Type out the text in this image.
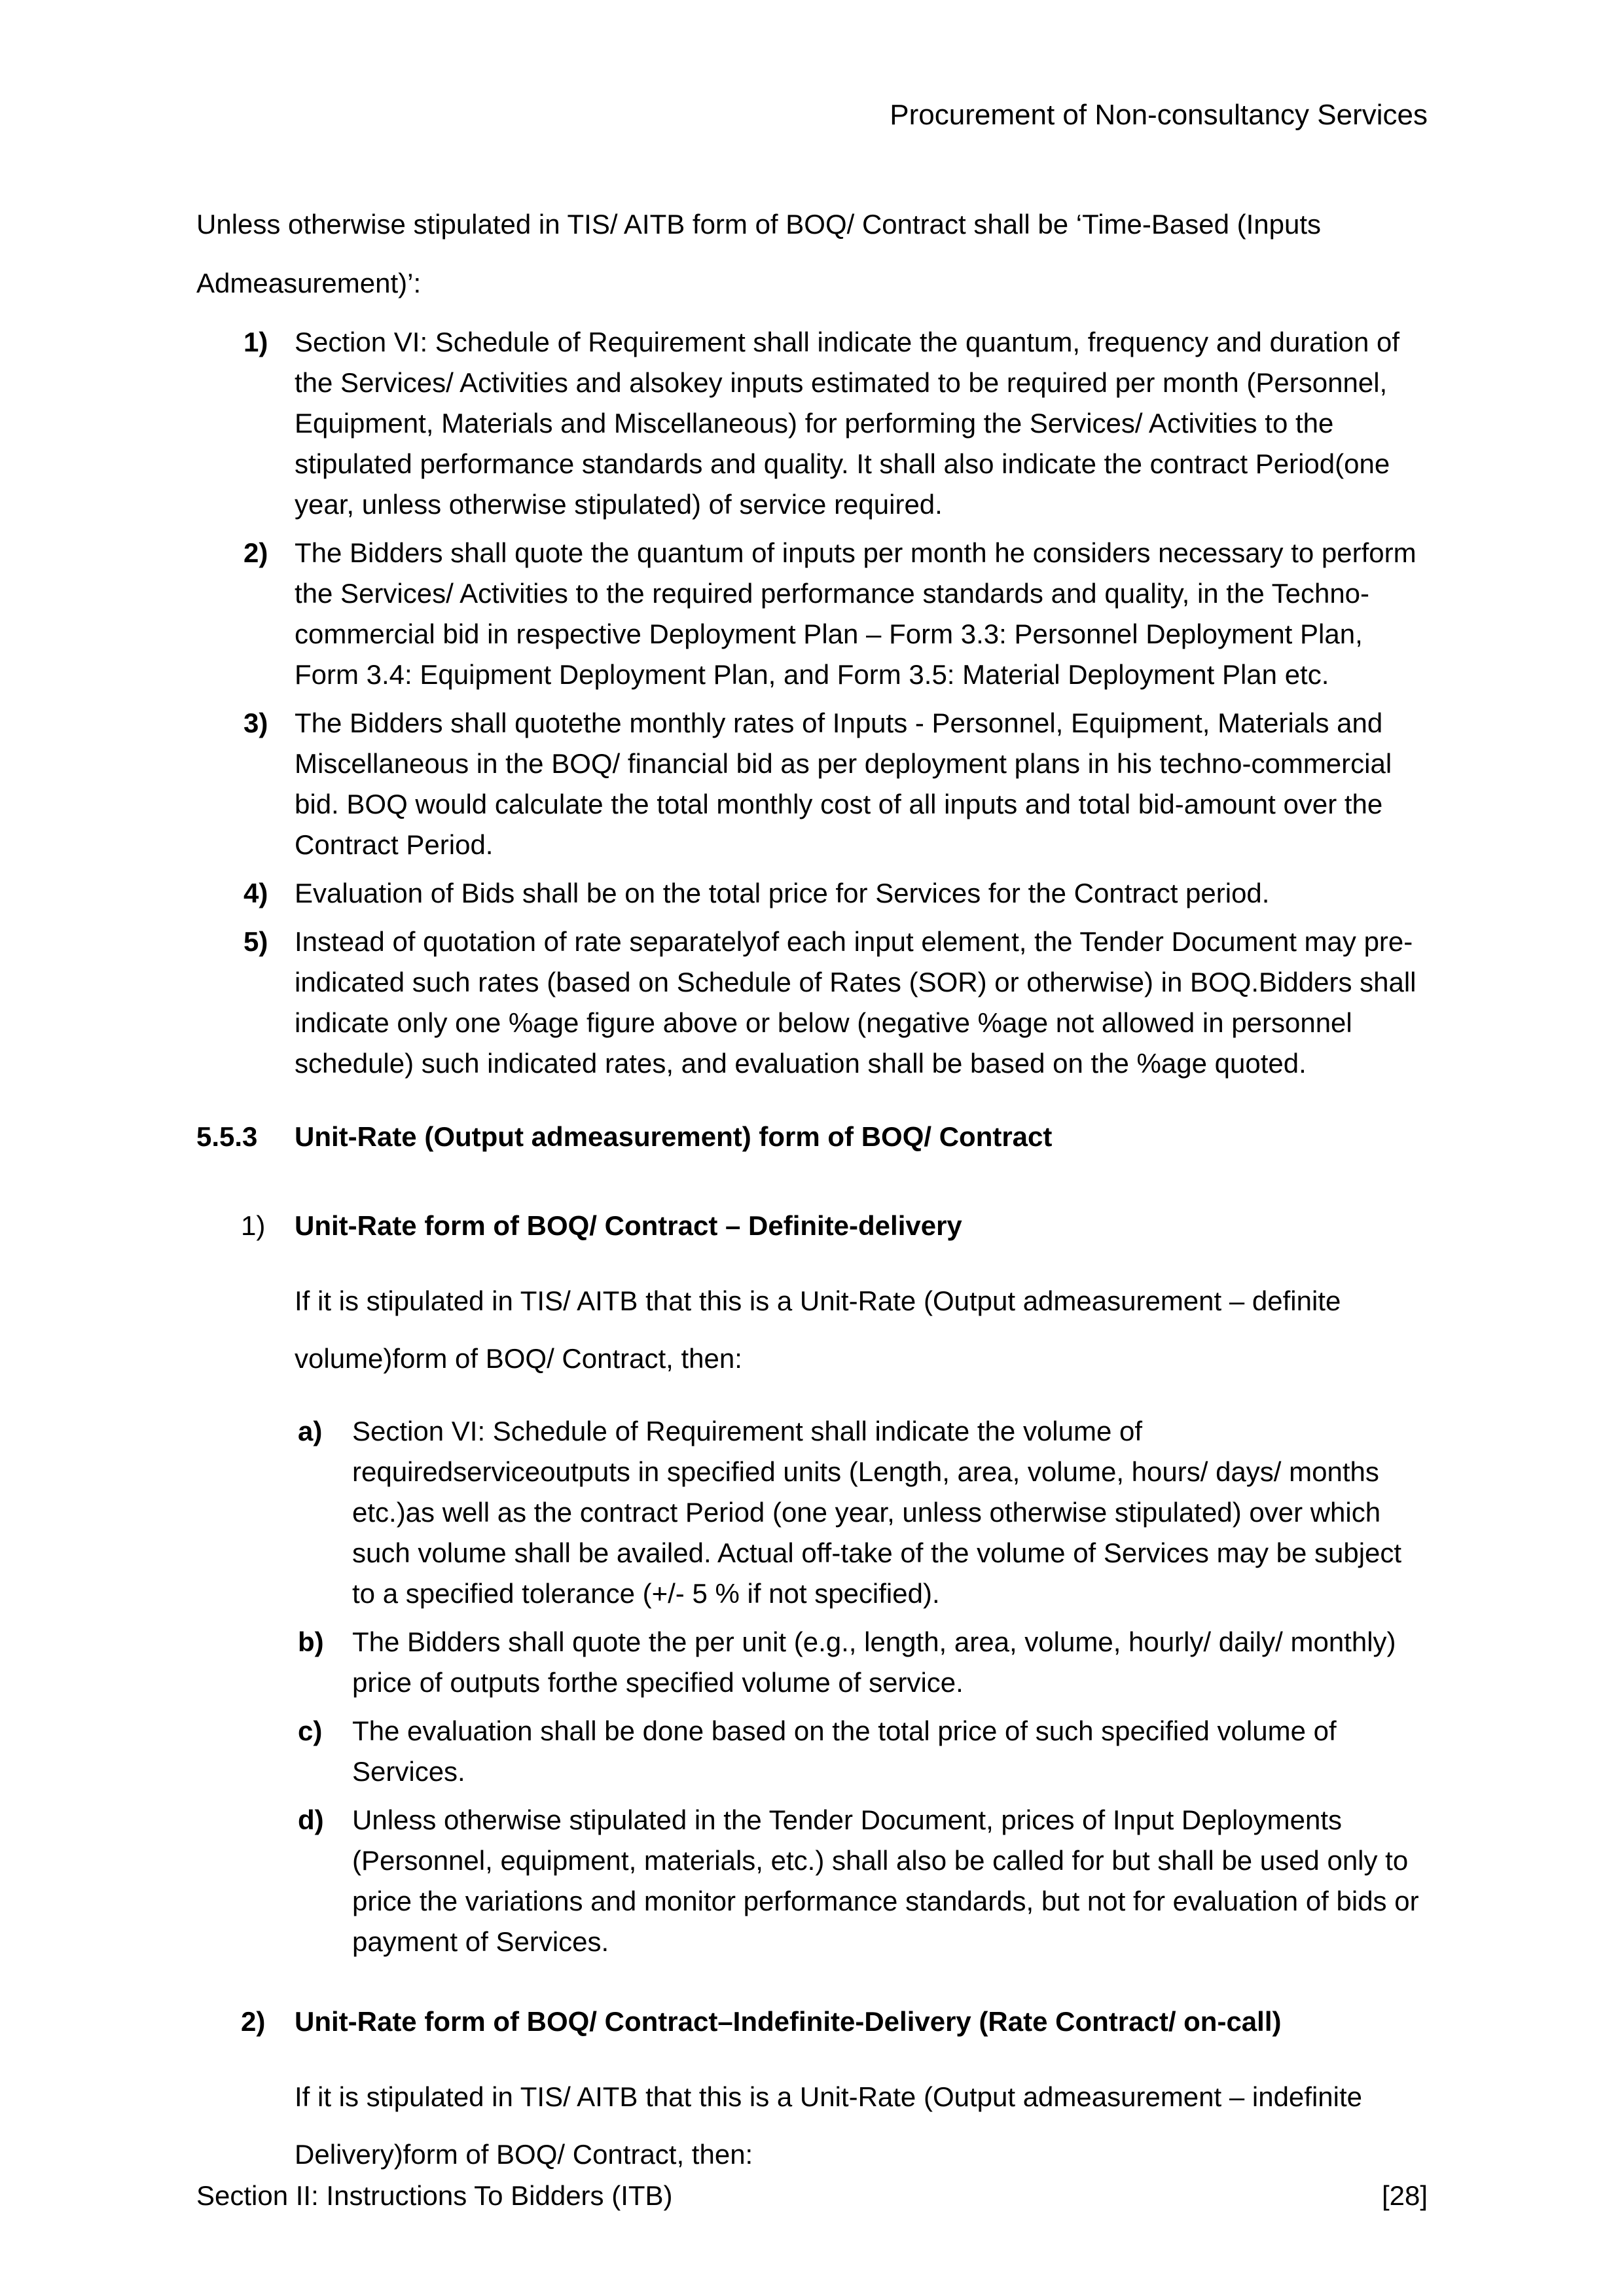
Procurement of Non-consultancy Services
Unless otherwise stipulated in TIS/ AITB form of BOQ/ Contract shall be ‘Time-Based (Inputs Admeasurement)’:
1) Section VI: Schedule of Requirement shall indicate the quantum, frequency and duration of the Services/ Activities and alsokey inputs estimated to be required per month (Personnel, Equipment, Materials and Miscellaneous) for performing the Services/ Activities to the stipulated performance standards and quality. It shall also indicate the contract Period(one year, unless otherwise stipulated) of service required.
2) The Bidders shall quote the quantum of inputs per month he considers necessary to perform the Services/ Activities to the required performance standards and quality, in the Techno-commercial bid in respective Deployment Plan – Form 3.3: Personnel Deployment Plan, Form 3.4: Equipment Deployment Plan, and Form 3.5: Material Deployment Plan etc.
3) The Bidders shall quotethe monthly rates of Inputs - Personnel, Equipment, Materials and Miscellaneous in the BOQ/ financial bid as per deployment plans in his techno-commercial bid. BOQ would calculate the total monthly cost of all inputs and total bid-amount over the Contract Period.
4) Evaluation of Bids shall be on the total price for Services for the Contract period.
5) Instead of quotation of rate separatelyof each input element, the Tender Document may pre-indicated such rates (based on Schedule of Rates (SOR) or otherwise) in BOQ.Bidders shall indicate only one %age figure above or below (negative %age not allowed in personnel schedule) such indicated rates, and evaluation shall be based on the %age quoted.
5.5.3 Unit-Rate (Output admeasurement) form of BOQ/ Contract
1) Unit-Rate form of BOQ/ Contract – Definite-delivery
If it is stipulated in TIS/ AITB that this is a Unit-Rate (Output admeasurement – definite volume)form of BOQ/ Contract, then:
a) Section VI: Schedule of Requirement shall indicate the volume of requiredserviceoutputs in specified units (Length, area, volume, hours/ days/ months etc.)as well as the contract Period (one year, unless otherwise stipulated) over which such volume shall be availed. Actual off-take of the volume of Services may be subject to a specified tolerance (+/- 5 % if not specified).
b) The Bidders shall quote the per unit (e.g., length, area, volume, hourly/ daily/ monthly) price of outputs forthe specified volume of service.
c) The evaluation shall be done based on the total price of such specified volume of Services.
d) Unless otherwise stipulated in the Tender Document, prices of Input Deployments (Personnel, equipment, materials, etc.) shall also be called for but shall be used only to price the variations and monitor performance standards, but not for evaluation of bids or payment of Services.
2) Unit-Rate form of BOQ/ Contract–Indefinite-Delivery (Rate Contract/ on-call)
If it is stipulated in TIS/ AITB that this is a Unit-Rate (Output admeasurement – indefinite Delivery)form of BOQ/ Contract, then:
Section II: Instructions To Bidders (ITB)	[28]
